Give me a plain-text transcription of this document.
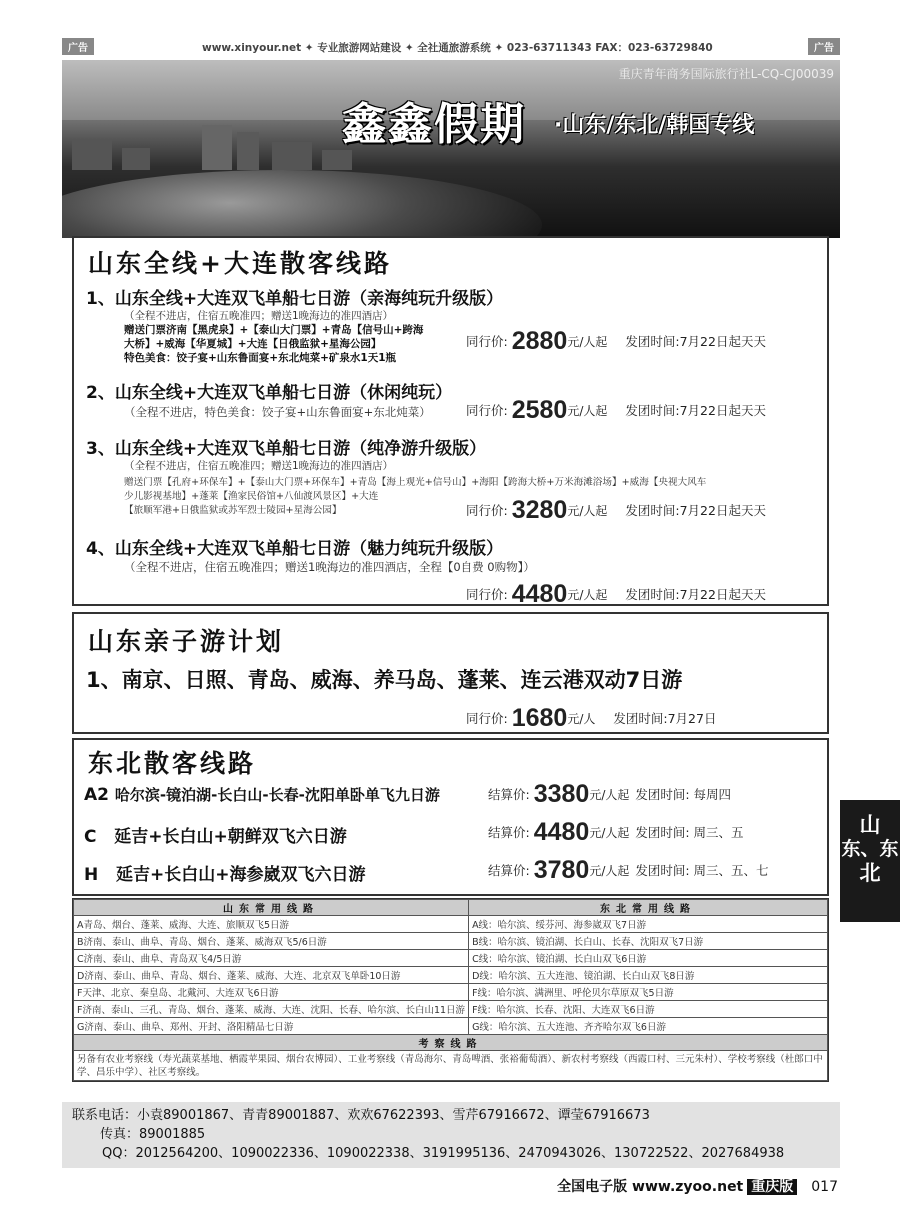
广告	www.xinyour.net ✦ 专业旅游网站建设 ✦ 全社通旅游系统 ✦ 023-63711343 FAX：023-63729840	广告
重庆青年商务国际旅行社L-CQ-CJ00039
鑫鑫假期 ·山东/东北/韩国专线
山东全线+大连散客线路
1、山东全线+大连双飞单船七日游（亲海纯玩升级版）
（全程不进店，住宿五晚准四；赠送1晚海边的准四酒店）
赠送门票济南【黑虎泉】+【泰山大门票】+青岛【信号山+跨海
大桥】+威海【华夏城】+大连【日俄监狱+星海公园】
特色美食：饺子宴+山东鲁面宴+东北炖菜+矿泉水1天1瓶
同行价: 2880元/人起 发团时间:7月22日起天天
2、山东全线+大连双飞单船七日游（休闲纯玩）
（全程不进店，特色美食：饺子宴+山东鲁面宴+东北炖菜）	同行价: 2580元/人起 发团时间:7月22日起天天
3、山东全线+大连双飞单船七日游（纯净游升级版）
（全程不进店，住宿五晚准四；赠送1晚海边的准四酒店）
赠送门票【孔府+环保车】+【泰山大门票+环保车】+青岛【海上观光+信号山】+海阳【跨海大桥+万米海滩浴场】+威海【央视大风车
少儿影视基地】+蓬莱【渔家民俗馆+八仙渡风景区】+大连
【旅顺军港+日俄监狱或苏军烈士陵园+星海公园】	同行价: 3280元/人起 发团时间:7月22日起天天
4、山东全线+大连双飞单船七日游（魅力纯玩升级版）
（全程不进店，住宿五晚准四；赠送1晚海边的准四酒店，全程【0自费 0购物】）
同行价: 4480元/人起 发团时间:7月22日起天天
山东亲子游计划
1、南京、日照、青岛、威海、养马岛、蓬莱、连云港双动7日游
同行价: 1680元/人 发团时间:7月27日
东北散客线路
A2 哈尔滨-镜泊湖-长白山-长春-沈阳单卧单飞九日游	结算价: 3380元/人起 发团时间: 每周四
C 延吉+长白山+朝鲜双飞六日游	结算价: 4480元/人起 发团时间: 周三、五
H 延吉+长白山+海参崴双飞六日游	结算价: 3780元/人起 发团时间: 周三、五、七
山
东、东
北
山东常用线路	东北常用线路
A青岛、烟台、蓬莱、威海、大连、旅顺双飞5日游	A线：哈尔滨、绥芬河、海参崴双飞7日游
B济南、泰山、曲阜、青岛、烟台、蓬莱、威海双飞5/6日游	B线：哈尔滨、镜泊湖、长白山、长春、沈阳双飞7日游
C济南、泰山、曲阜、青岛双飞4/5日游	C线：哈尔滨、镜泊湖、长白山双飞6日游
D济南、泰山、曲阜、青岛、烟台、蓬莱、威海、大连、北京双飞单卧10日游	D线：哈尔滨、五大连池、镜泊湖、长白山双飞8日游
F天津、北京、秦皇岛、北戴河、大连双飞6日游	F线：哈尔滨、满洲里、呼伦贝尔草原双飞5日游
F济南、泰山、三孔、青岛、烟台、蓬莱、威海、大连、沈阳、长春、哈尔滨、长白山11日游	F线：哈尔滨、长春、沈阳、大连双飞6日游
G济南、泰山、曲阜、郑州、开封、洛阳精品七日游	G线：哈尔滨、五大连池、齐齐哈尔双飞6日游
考察线路	
另备有农业考察线（寿光蔬菜基地、栖霞苹果园、烟台农博园）、工业考察线（青岛海尔、青岛啤酒、张裕葡萄酒）、新农村考察线（西霞口村、三元朱村）、学校考察线（杜郎口中学、昌乐中学）、社区考察线。	
联系电话：小袁89001867、青青89001887、欢欢67622393、雪芹67916672、谭莹67916673
传真：89001885
QQ：2012564200、1090022336、1090022338、3191995136、2470943026、130722522、2027684938
全国电子版 www.zyoo.net 重庆版 017
